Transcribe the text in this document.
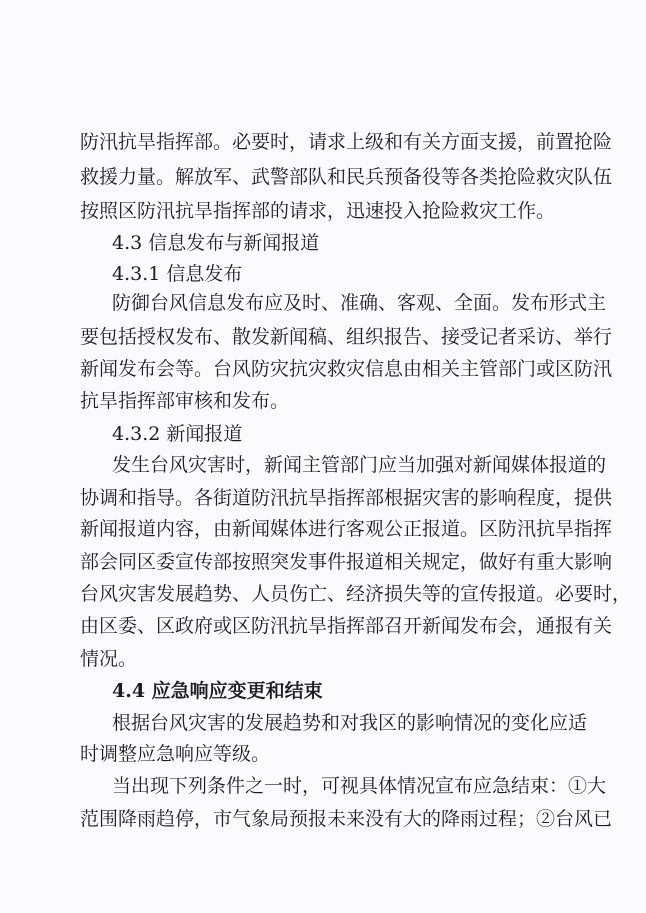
防汛抗旱指挥部。必要时，请求上级和有关方面支援，前置抢险
救援力量。解放军、武警部队和民兵预备役等各类抢险救灾队伍
按照区防汛抗旱指挥部的请求，迅速投入抢险救灾工作。
4.3 信息发布与新闻报道
4.3.1 信息发布
防御台风信息发布应及时、准确、客观、全面。发布形式主
要包括授权发布、散发新闻稿、组织报告、接受记者采访、举行
新闻发布会等。台风防灾抗灾救灾信息由相关主管部门或区防汛
抗旱指挥部审核和发布。
4.3.2 新闻报道
发生台风灾害时，新闻主管部门应当加强对新闻媒体报道的
协调和指导。各街道防汛抗旱指挥部根据灾害的影响程度，提供
新闻报道内容，由新闻媒体进行客观公正报道。区防汛抗旱指挥
部会同区委宣传部按照突发事件报道相关规定，做好有重大影响
台风灾害发展趋势、人员伤亡、经济损失等的宣传报道。必要时，
由区委、区政府或区防汛抗旱指挥部召开新闻发布会，通报有关
情况。
4.4 应急响应变更和结束
根据台风灾害的发展趋势和对我区的影响情况的变化应适
时调整应急响应等级。
当出现下列条件之一时，可视具体情况宣布应急结束：①大
范围降雨趋停，市气象局预报未来没有大的降雨过程；②台风已
